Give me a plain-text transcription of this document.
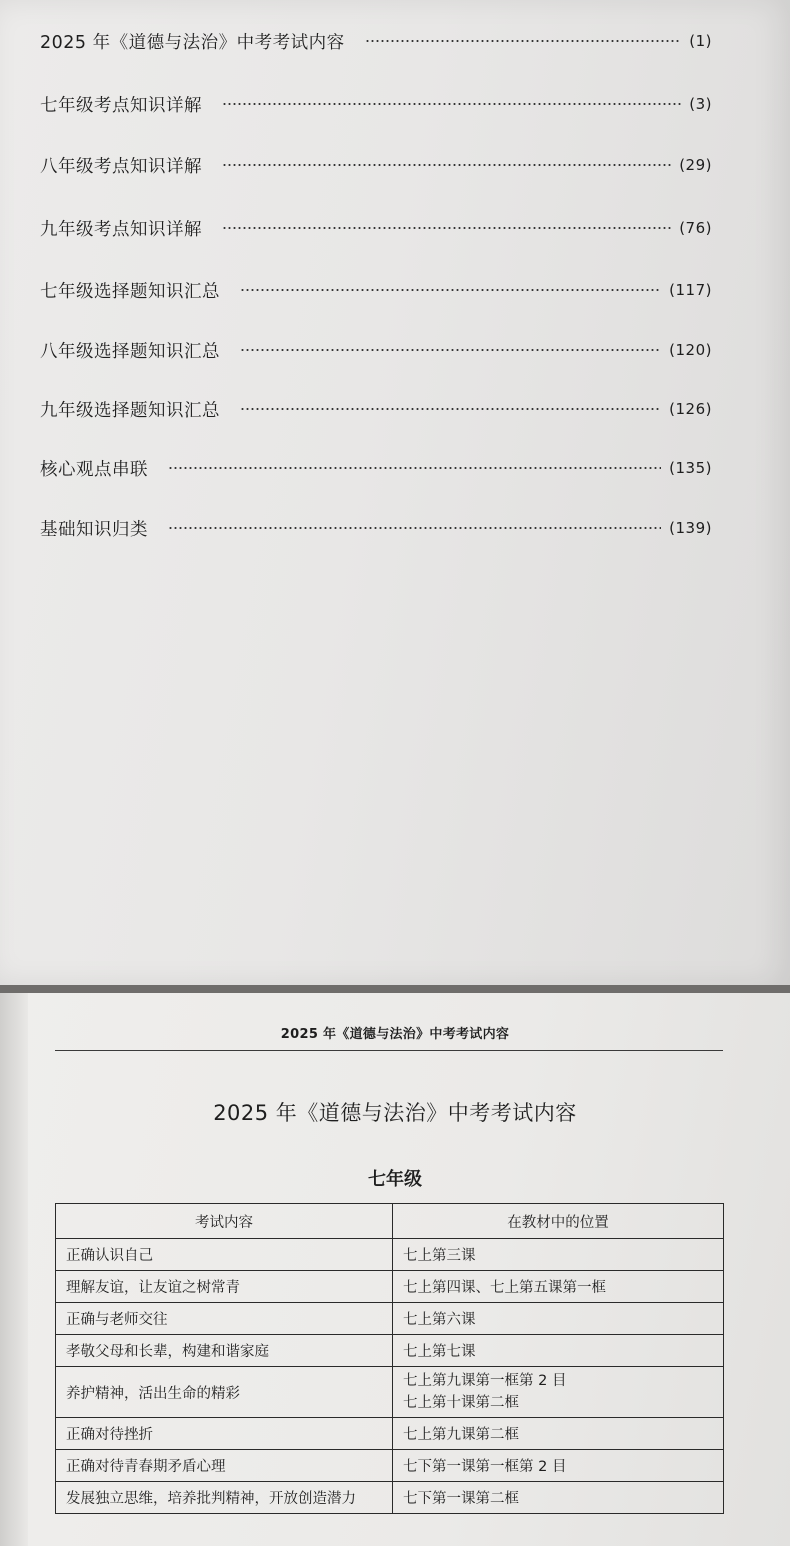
2025 年《道德与法治》中考考试内容	(1)
七年级考点知识详解	(3)
八年级考点知识详解	(29)
九年级考点知识详解	(76)
七年级选择题知识汇总	(117)
八年级选择题知识汇总	(120)
九年级选择题知识汇总	(126)
核心观点串联	(135)
基础知识归类	(139)
2025 年《道德与法治》中考考试内容
2025 年《道德与法治》中考考试内容
七年级
考试内容	在教材中的位置
正确认识自己	七上第三课
理解友谊，让友谊之树常青	七上第四课、七上第五课第一框
正确与老师交往	七上第六课
孝敬父母和长辈，构建和谐家庭	七上第七课
养护精神，活出生命的精彩	七上第九课第一框第 2 目
七上第十课第二框

正确对待挫折	七上第九课第二框
正确对待青春期矛盾心理	七下第一课第一框第 2 目
发展独立思维，培养批判精神，开放创造潜力	七下第一课第二框
